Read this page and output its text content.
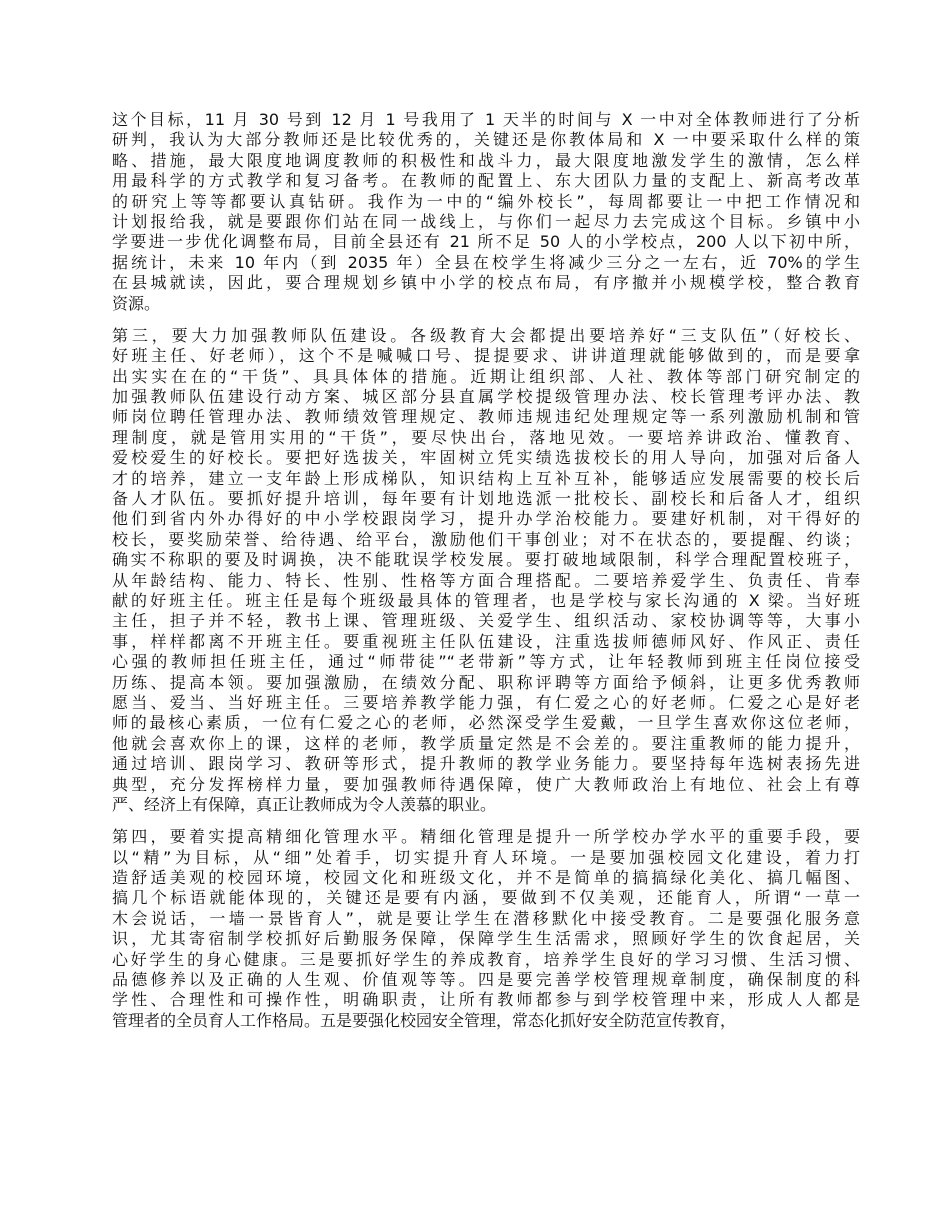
这个目标，11 月 30 号到 12 月 1 号我用了 1 天半的时间与 X 一中对全体教师进行了分析
研判，我认为大部分教师还是比较优秀的，关键还是你教体局和 X 一中要采取什么样的策
略、措施，最大限度地调度教师的积极性和战斗力，最大限度地激发学生的激情，怎么样
用最科学的方式教学和复习备考。在教师的配置上、东大团队力量的支配上、新高考改革
的研究上等等都要认真钻研。我作为一中的“编外校长”，每周都要让一中把工作情况和
计划报给我，就是要跟你们站在同一战线上，与你们一起尽力去完成这个目标。乡镇中小
学要进一步优化调整布局，目前全县还有 21 所不足 50 人的小学校点，200 人以下初中所，
据统计，未来 10 年内（到 2035 年）全县在校学生将减少三分之一左右，近 70%的学生
在县城就读，因此，要合理规划乡镇中小学的校点布局，有序撤并小规模学校，整合教育
资源。
第三，要大力加强教师队伍建设。各级教育大会都提出要培养好“三支队伍”（好校长、
好班主任、好老师），这个不是喊喊口号、提提要求、讲讲道理就能够做到的，而是要拿
出实实在在的“干货”、具具体体的措施。近期让组织部、人社、教体等部门研究制定的
加强教师队伍建设行动方案、城区部分县直属学校提级管理办法、校长管理考评办法、教
师岗位聘任管理办法、教师绩效管理规定、教师违规违纪处理规定等一系列激励机制和管
理制度，就是管用实用的“干货”，要尽快出台，落地见效。一要培养讲政治、懂教育、
爱校爱生的好校长。要把好选拔关，牢固树立凭实绩选拔校长的用人导向，加强对后备人
才的培养，建立一支年龄上形成梯队，知识结构上互补互补，能够适应发展需要的校长后
备人才队伍。要抓好提升培训，每年要有计划地选派一批校长、副校长和后备人才，组织
他们到省内外办得好的中小学校跟岗学习，提升办学治校能力。要建好机制，对干得好的
校长，要奖励荣誉、给待遇、给平台，激励他们干事创业；对不在状态的，要提醒、约谈；
确实不称职的要及时调换，决不能耽误学校发展。要打破地域限制，科学合理配置校班子，
从年龄结构、能力、特长、性别、性格等方面合理搭配。二要培养爱学生、负责任、肯奉
献的好班主任。班主任是每个班级最具体的管理者，也是学校与家长沟通的 X 梁。当好班
主任，担子并不轻，教书上课、管理班级、关爱学生、组织活动、家校协调等等，大事小
事，样样都离不开班主任。要重视班主任队伍建设，注重选拔师德师风好、作风正、责任
心强的教师担任班主任，通过“师带徒”“老带新”等方式，让年轻教师到班主任岗位接受
历练、提高本领。要加强激励，在绩效分配、职称评聘等方面给予倾斜，让更多优秀教师
愿当、爱当、当好班主任。三要培养教学能力强，有仁爱之心的好老师。仁爱之心是好老
师的最核心素质，一位有仁爱之心的老师，必然深受学生爱戴，一旦学生喜欢你这位老师，
他就会喜欢你上的课，这样的老师，教学质量定然是不会差的。要注重教师的能力提升，
通过培训、跟岗学习、教研等形式，提升教师的教学业务能力。要坚持每年选树表扬先进
典型，充分发挥榜样力量，要加强教师待遇保障，使广大教师政治上有地位、社会上有尊
严、经济上有保障，真正让教师成为令人羡慕的职业。
第四，要着实提高精细化管理水平。精细化管理是提升一所学校办学水平的重要手段，要
以“精”为目标，从“细”处着手，切实提升育人环境。一是要加强校园文化建设，着力打
造舒适美观的校园环境，校园文化和班级文化，并不是简单的搞搞绿化美化、搞几幅图、
搞几个标语就能体现的，关键还是要有内涵，要做到不仅美观，还能育人，所谓“一草一
木会说话，一墙一景皆育人”，就是要让学生在潜移默化中接受教育。二是要强化服务意
识，尤其寄宿制学校抓好后勤服务保障，保障学生生活需求，照顾好学生的饮食起居，关
心好学生的身心健康。三是要抓好学生的养成教育，培养学生良好的学习习惯、生活习惯、
品德修养以及正确的人生观、价值观等等。四是要完善学校管理规章制度，确保制度的科
学性、合理性和可操作性，明确职责，让所有教师都参与到学校管理中来，形成人人都是
管理者的全员育人工作格局。五是要强化校园安全管理，常态化抓好安全防范宣传教育，
